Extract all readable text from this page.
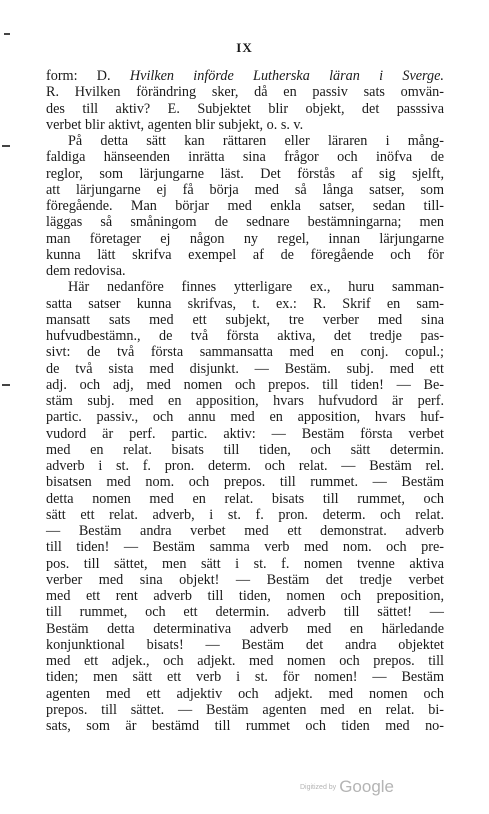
IX
form: D. Hvilken införde Lutherska läran i Sverge.
R. Hvilken förändring sker, då en passiv sats omvän-
des till aktiv? E. Subjektet blir objekt, det passsiva
verbet blir aktivt, agenten blir subjekt, o. s. v.
På detta sätt kan rättaren eller läraren i mång-
faldiga hänseenden inrätta sina frågor och inöfva de
reglor, som lärjungarne läst. Det förstås af sig sjelft,
att lärjungarne ej få börja med så långa satser, som
föregående. Man börjar med enkla satser, sedan till-
läggas så småningom de sednare bestämningarna; men
man företager ej någon ny regel, innan lärjungarne
kunna lätt skrifva exempel af de föregående och för
dem redovisa.
Här nedanföre finnes ytterligare ex., huru samman-
satta satser kunna skrifvas, t. ex.: R. Skrif en sam-
mansatt sats med ett subjekt, tre verber med sina
hufvudbestämn., de två första aktiva, det tredje pas-
sivt: de två första sammansatta med en conj. copul.;
de två sista med disjunkt. — Bestäm. subj. med ett
adj. och adj, med nomen och prepos. till tiden! — Be-
stäm subj. med en apposition, hvars hufvudord är perf.
partic. passiv., och annu med en apposition, hvars huf-
vudord är perf. partic. aktiv: — Bestäm första verbet
med en relat. bisats till tiden, och sätt determin.
adverb i st. f. pron. determ. och relat. — Bestäm rel.
bisatsen med nom. och prepos. till rummet. — Bestäm
detta nomen med en relat. bisats till rummet, och
sätt ett relat. adverb, i st. f. pron. determ. och relat.
— Bestäm andra verbet med ett demonstrat. adverb
till tiden! — Bestäm samma verb med nom. och pre-
pos. till sättet, men sätt i st. f. nomen tvenne aktiva
verber med sina objekt! — Bestäm det tredje verbet
med ett rent adverb till tiden, nomen och preposition,
till rummet, och ett determin. adverb till sättet! —
Bestäm detta determinativa adverb med en härledande
konjunktional bisats! — Bestäm det andra objektet
med ett adjek., och adjekt. med nomen och prepos. till
tiden; men sätt ett verb i st. för nomen! — Bestäm
agenten med ett adjektiv och adjekt. med nomen och
prepos. till sättet. — Bestäm agenten med en relat. bi-
sats, som är bestämd till rummet och tiden med no-
Digitized by Google
